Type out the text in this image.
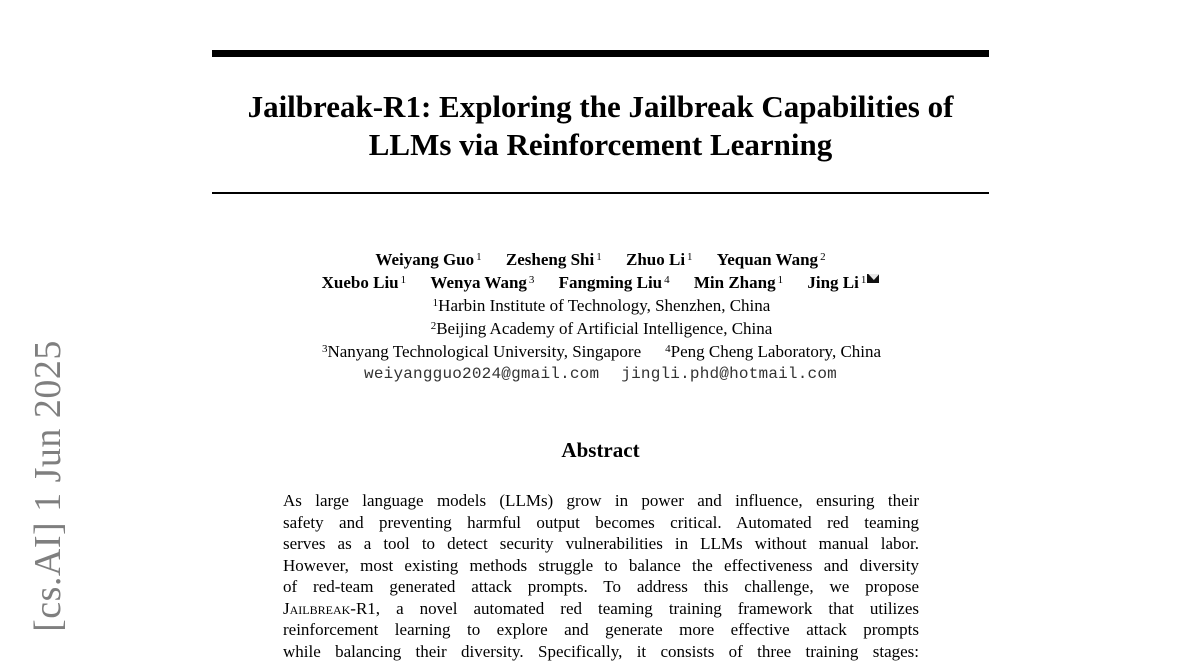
[cs.AI] 1 Jun 2025
Jailbreak-R1: Exploring the Jailbreak Capabilities of
LLMs via Reinforcement Learning
Weiyang Guo $^1$ Zesheng Shi $^1$ Zhuo Li $^1$ Yequan Wang $^2$
Xuebo Liu $^1$ Wenya Wang $^3$ Fangming Liu $^4$ Min Zhang $^1$ Jing Li $^1$
$^1$Harbin Institute of Technology, Shenzhen, China
$^2$Beijing Academy of Artificial Intelligence, China
$^3$Nanyang Technological University, Singapore $^4$Peng Cheng Laboratory, China
weiyangguo2024@gmail.com jingli.phd@hotmail.com
Abstract
As large language models (LLMs) grow in power and influence, ensuring their
safety and preventing harmful output becomes critical. Automated red teaming
serves as a tool to detect security vulnerabilities in LLMs without manual labor.
However, most existing methods struggle to balance the effectiveness and diversity
of red-team generated attack prompts. To address this challenge, we propose
Jailbreak-R1, a novel automated red teaming training framework that utilizes
reinforcement learning to explore and generate more effective attack prompts
while balancing their diversity. Specifically, it consists of three training stages:
